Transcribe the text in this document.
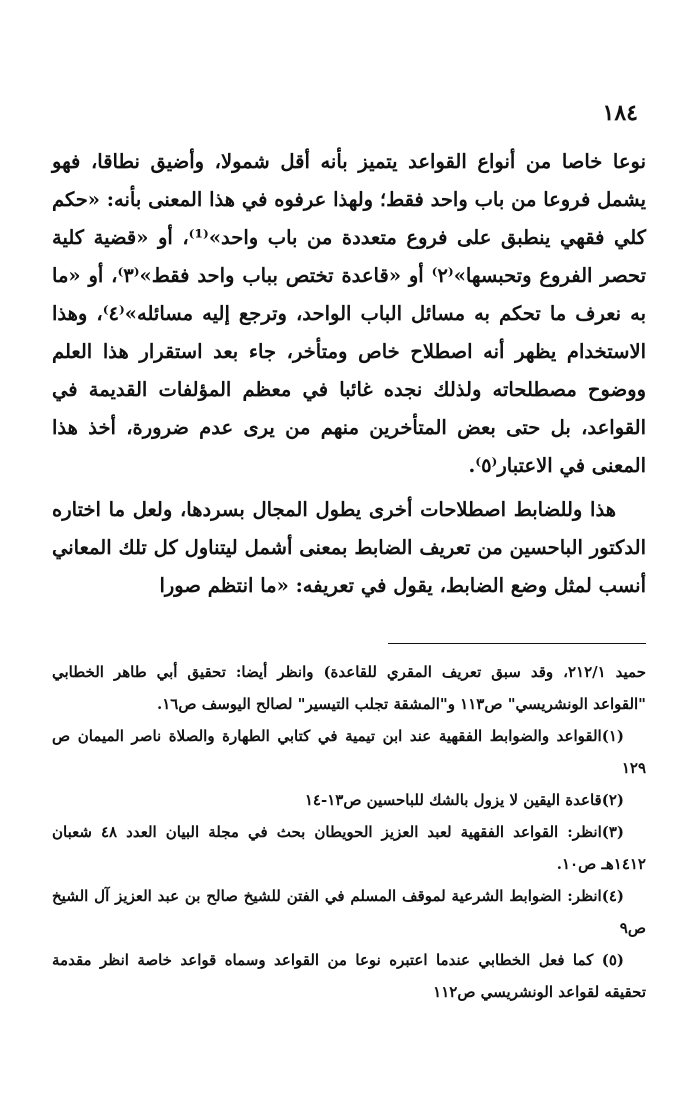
١٨٤

نوعا خاصا من أنواع القواعد يتميز بأنه أقل شمولا، وأضيق نطاقا، فهو يشمل فروعا من باب واحد فقط؛ ولهذا عرفوه في هذا المعنى بأنه: «حكم كلي فقهي ينطبق على فروع متعددة من باب واحد»⁽¹⁾، أو «قضية كلية تحصر الفروع وتحبسها»⁽٢⁾ أو «قاعدة تختص بباب واحد فقط»⁽٣⁾، أو «ما به نعرف ما تحكم به مسائل الباب الواحد، وترجع إليه مسائله»⁽٤⁾، وهذا الاستخدام يظهر أنه اصطلاح خاص ومتأخر، جاء بعد استقرار هذا العلم ووضوح مصطلحاته ولذلك نجده غائبا في معظم المؤلفات القديمة في القواعد، بل حتى بعض المتأخرين منهم من يرى عدم ضرورة، أخذ هذا المعنى في الاعتبار⁽٥⁾.

هذا وللضابط اصطلاحات أخرى يطول المجال بسردها، ولعل ما اختاره الدكتور الباحسين من تعريف الضابط بمعنى أشمل ليتناول كل تلك المعاني أنسب لمثل وضع الضابط، يقول في تعريفه: «ما انتظم صورا

حميد ٢١٢/١، وقد سبق تعريف المقري للقاعدة) وانظر أيضا: تحقيق أبي طاهر الخطابي "القواعد الونشريسي" ص١١٣ و"المشقة تجلب التيسير" لصالح اليوسف ص١٦.

(١)القواعد والضوابط الفقهية عند ابن تيمية في كتابي الطهارة والصلاة ناصر الميمان ص ١٢٩

(٢)قاعدة اليقين لا يزول بالشك للباحسين ص١٣-١٤

(٣)انظر: القواعد الفقهية لعبد العزيز الحويطان بحث في مجلة البيان العدد ٤٨ شعبان ١٤١٢هـ ص١٠.

(٤)انظر: الضوابط الشرعية لموقف المسلم في الفتن للشيخ صالح بن عبد العزيز آل الشيخ ص٩

(٥) كما فعل الخطابي عندما اعتبره نوعا من القواعد وسماه قواعد خاصة انظر مقدمة تحقيقه لقواعد الونشريسي ص١١٢
